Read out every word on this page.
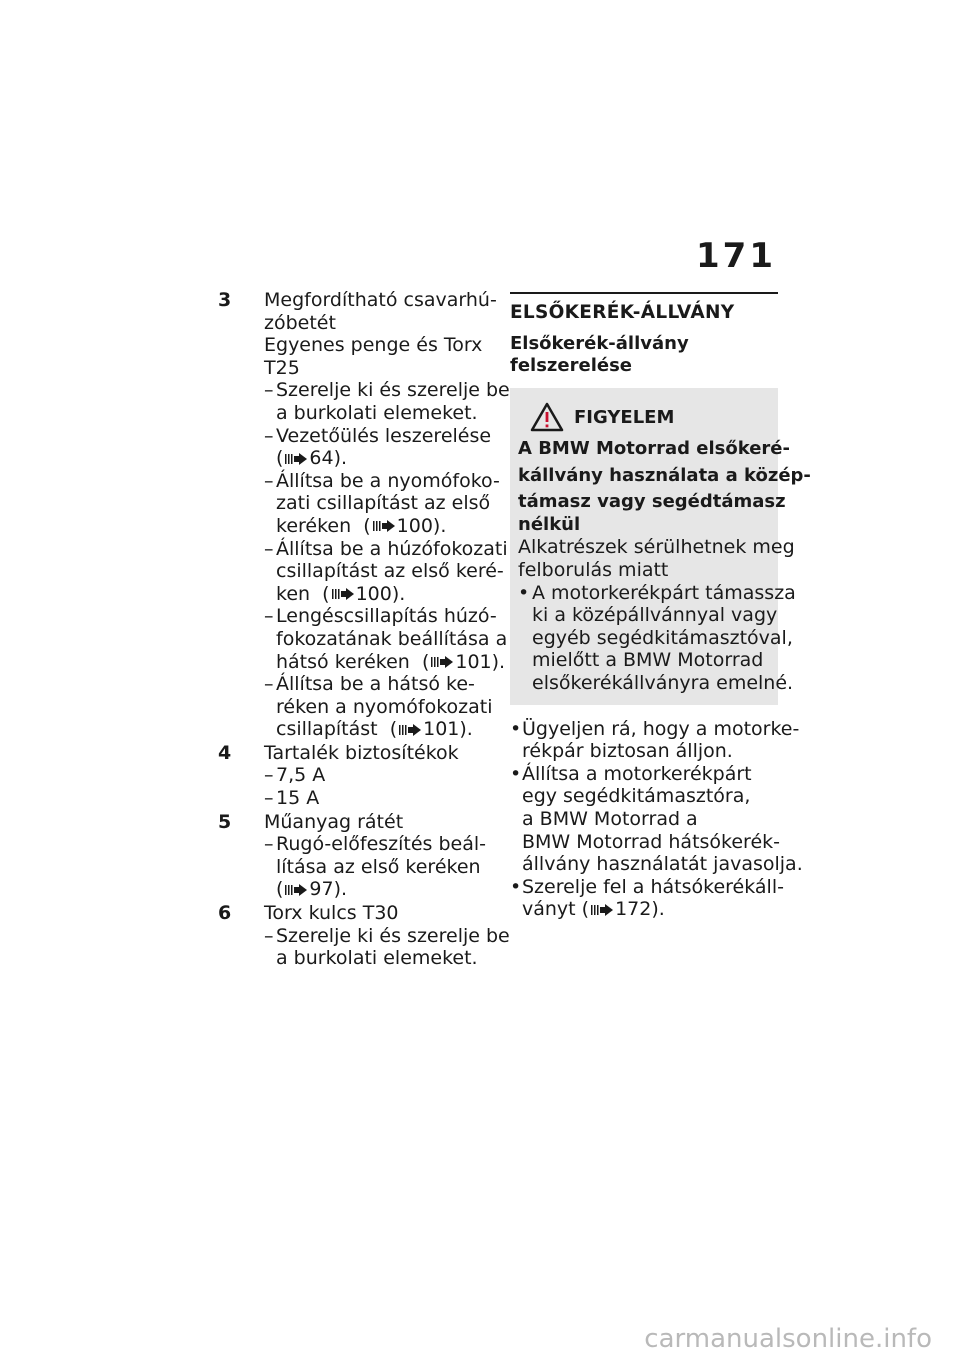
171
3 Megfordítható csavarhú-
zóbetét
Egyenes penge és Torx
T25
– Szerelje ki és szerelje be
a burkolati elemeket.
– Vezetőülés leszerelése
( 64).
– Állítsa be a nyomófoko-
zati csillapítást az első
keréken  ( 100).
– Állítsa be a húzófokozati
csillapítást az első keré-
ken  ( 100).
– Lengéscsillapítás húzó-
fokozatának beállítása a
hátsó keréken  ( 101).
– Állítsa be a hátsó ke-
réken a nyomófokozati
csillapítást  ( 101).
4 Tartalék biztosítékok
– 7,5 A
– 15 A
5 Műanyag rátét
– Rugó-előfeszítés beál-
lítása az első keréken
( 97).
6 Torx kulcs T30
– Szerelje ki és szerelje be
a burkolati elemeket.
ELSŐKERÉK-ÁLLVÁNY
Elsőkerék-állvány felszerelése
FIGYELEM
A BMW Motorrad elsőkeré-
kállvány használata a közép-
támasz vagy segédtámasz
nélkül
Alkatrészek sérülhetnek meg
felborulás miatt
• A motorkerékpárt támassza
ki a középállvánnyal vagy
egyéb segédkitámasztóval,
mielőtt a BMW Motorrad
elsőkerékállványra emelné.
• Ügyeljen rá, hogy a motorke-
rékpár biztosan álljon.
• Állítsa a motorkerékpárt
egy segédkitámasztóra,
a BMW Motorrad a
BMW Motorrad hátsókerék-
állvány használatát javasolja.
• Szerelje fel a hátsókerékáll-
ványt ( 172).
carmanualsonline.info
